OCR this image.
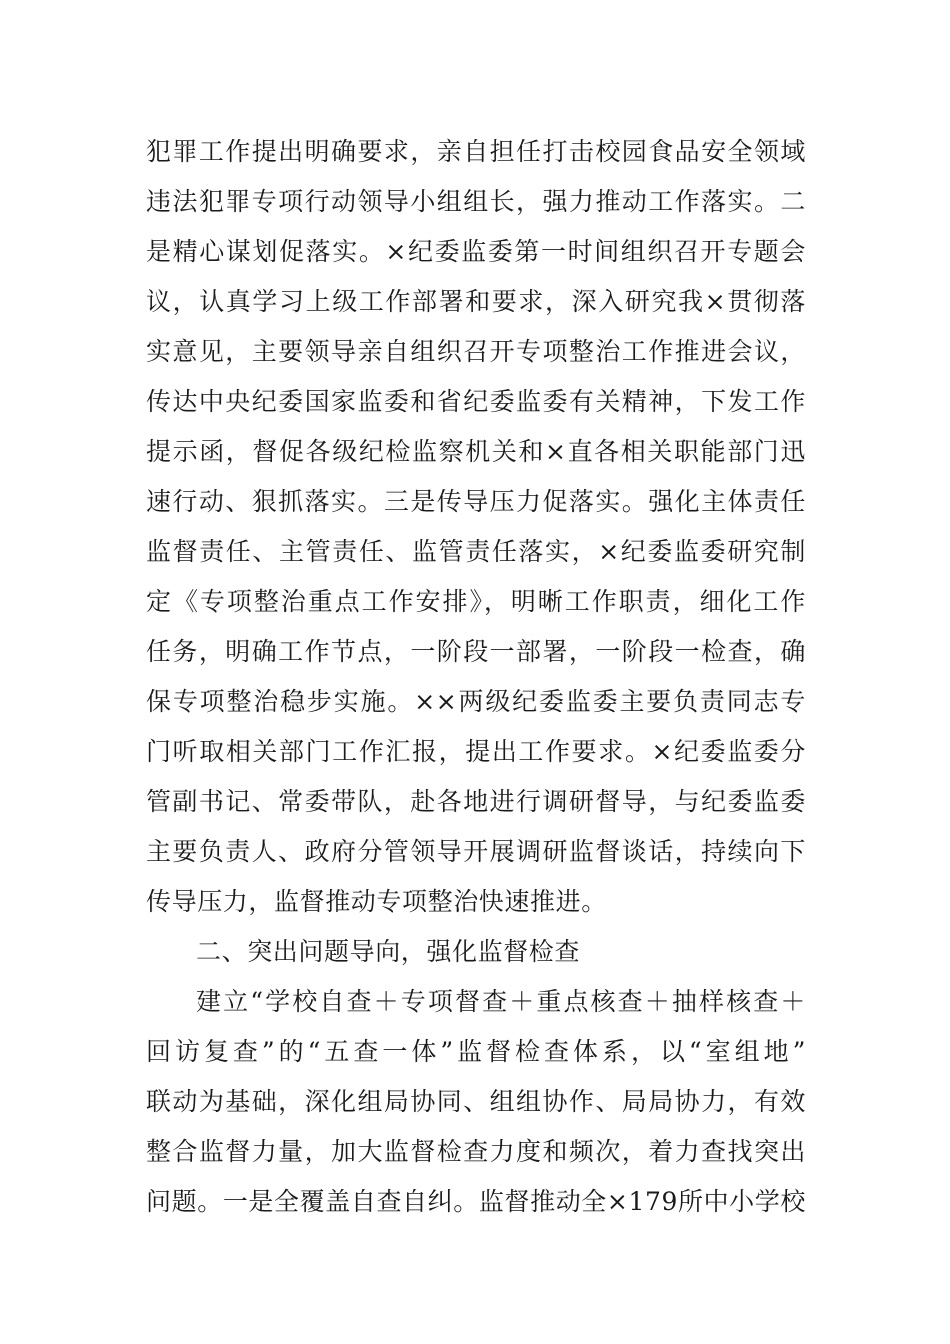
犯罪工作提出明确要求，亲自担任打击校园食品安全领域
违法犯罪专项行动领导小组组长，强力推动工作落实。二
是精心谋划促落实。×纪委监委第一时间组织召开专题会
议，认真学习上级工作部署和要求，深入研究我×贯彻落
实意见，主要领导亲自组织召开专项整治工作推进会议，
传达中央纪委国家监委和省纪委监委有关精神，下发工作
提示函，督促各级纪检监察机关和×直各相关职能部门迅
速行动、狠抓落实。三是传导压力促落实。强化主体责任
监督责任、主管责任、监管责任落实，×纪委监委研究制
定《专项整治重点工作安排》，明晰工作职责，细化工作
任务，明确工作节点，一阶段一部署，一阶段一检查，确
保专项整治稳步实施。××两级纪委监委主要负责同志专
门听取相关部门工作汇报，提出工作要求。×纪委监委分
管副书记、常委带队，赴各地进行调研督导，与纪委监委
主要负责人、政府分管领导开展调研监督谈话，持续向下
传导压力，监督推动专项整治快速推进。
二、突出问题导向，强化监督检查
建立“学校自查＋专项督查＋重点核查＋抽样核查＋
回访复查”的“五查一体”监督检查体系，以“室组地”
联动为基础，深化组局协同、组组协作、局局协力，有效
整合监督力量，加大监督检查力度和频次，着力查找突出
问题。一是全覆盖自查自纠。监督推动全×179所中小学校
